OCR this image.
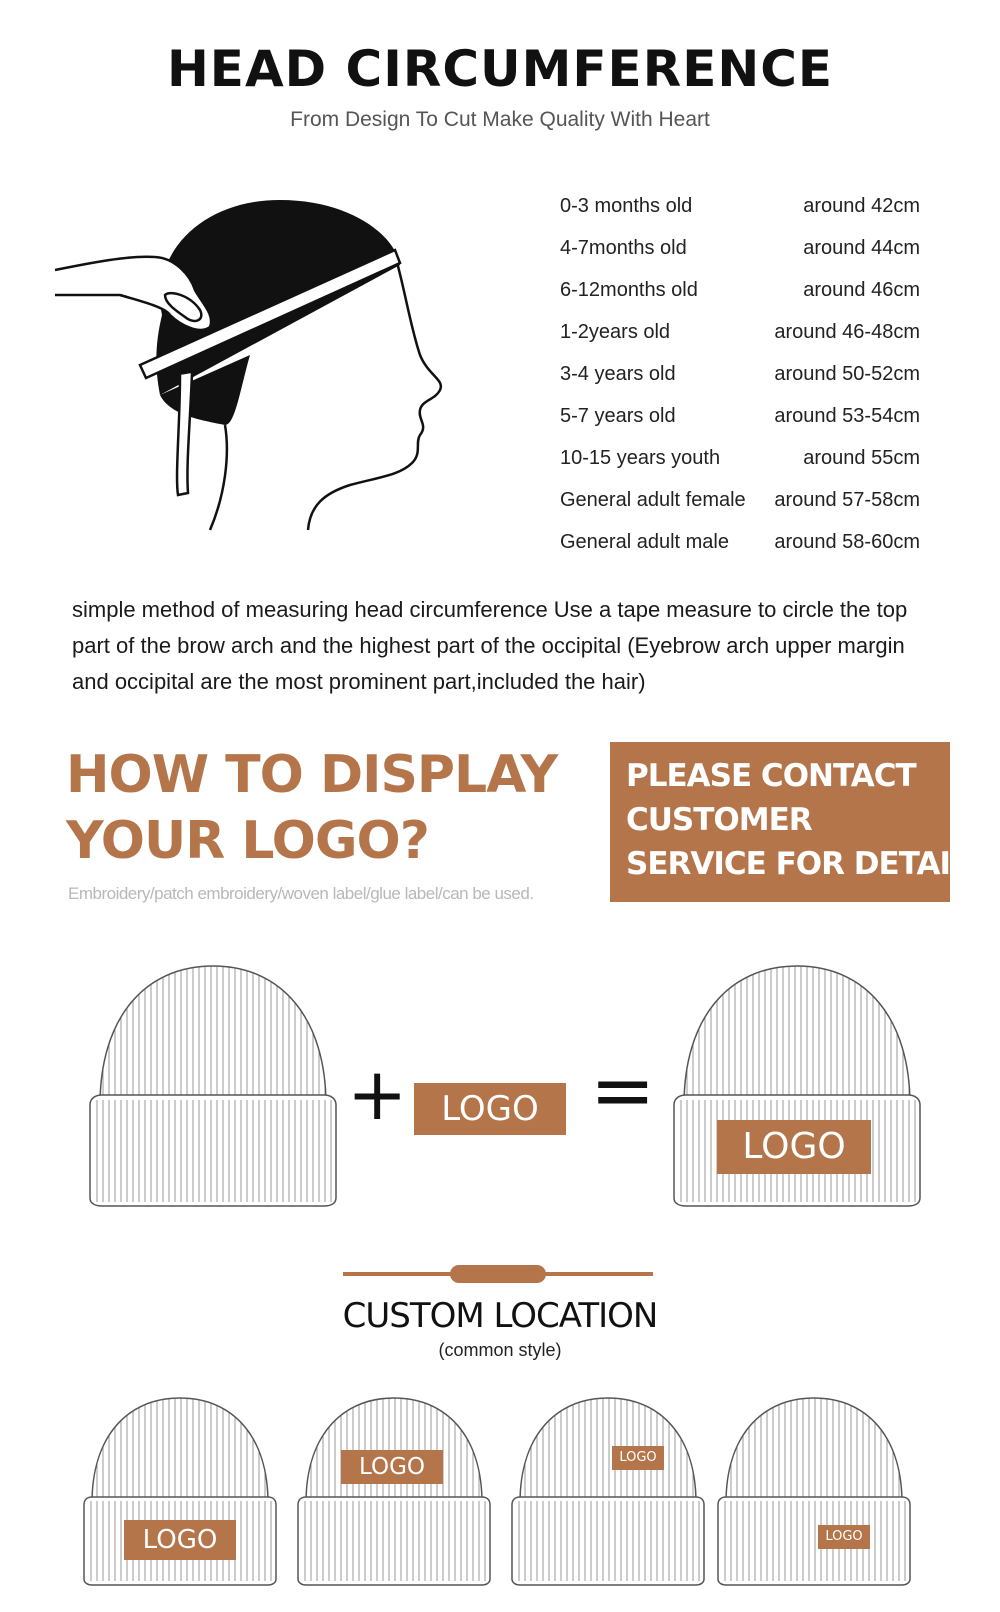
HEAD CIRCUMFERENCE
From Design To Cut Make Quality With Heart
0-3 months old	around 42cm
4-7months old	around 44cm
6-12months old	around 46cm
1-2years old	around 46-48cm
3-4 years old	around 50-52cm
5-7 years old	around 53-54cm
10-15 years youth	around 55cm
General adult female around 57-58cm
General adult male around 58-60cm
simple method of measuring head circumference Use a tape measure to circle the top
part of the brow arch and the highest part of the occipital (Eyebrow arch upper margin
and occipital are the most prominent part,included the hair)
HOW TO DISPLAY
YOUR LOGO?
Embroidery/patch embroidery/woven label/glue label/can be used.
PLEASE CONTACT
CUSTOMER
SERVICE FOR DETAILS
+ LOGO =
LOGO
CUSTOM LOCATION
(common style)
LOGO
LOGO	LOGO
LOGO
